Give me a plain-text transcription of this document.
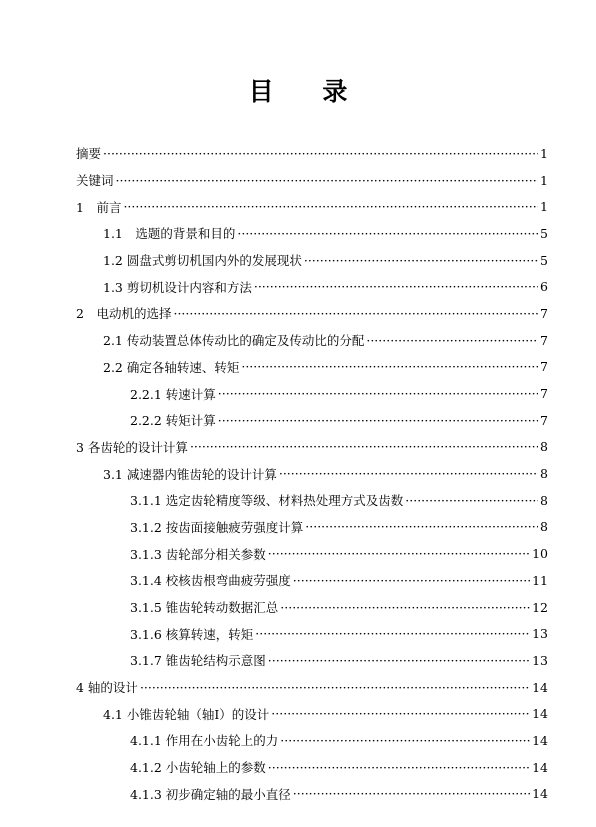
目 录
摘要 ·····	1
关键词 ·····	1
1　前言 ·····	1
1.1　选题的背景和目的 ·····	5
1.2 圆盘式剪切机国内外的发展现状 ·····	5
1.3 剪切机设计内容和方法 ·····	6
2　电动机的选择 ·····	7
2.1 传动装置总体传动比的确定及传动比的分配 ·····	7
2.2 确定各轴转速、转矩 ·····	7
2.2.1 转速计算 ·····	7
2.2.2 转矩计算 ·····	7
3 各齿轮的设计计算 ·····	8
3.1 减速器内锥齿轮的设计计算 ·····	8
3.1.1 选定齿轮精度等级、材料热处理方式及齿数 ·····	8
3.1.2 按齿面接触疲劳强度计算 ·····	8
3.1.3 齿轮部分相关参数 ·····	10
3.1.4 校核齿根弯曲疲劳强度 ·····	11
3.1.5 锥齿轮转动数据汇总 ·····	12
3.1.6 核算转速，转矩 ·····	13
3.1.7 锥齿轮结构示意图 ·····	13
4 轴的设计 ·····	14
4.1 小锥齿轮轴（轴Ⅰ）的设计 ·····	14
4.1.1 作用在小齿轮上的力 ·····	14
4.1.2 小齿轮轴上的参数 ·····	14
4.1.3 初步确定轴的最小直径 ·····	14
